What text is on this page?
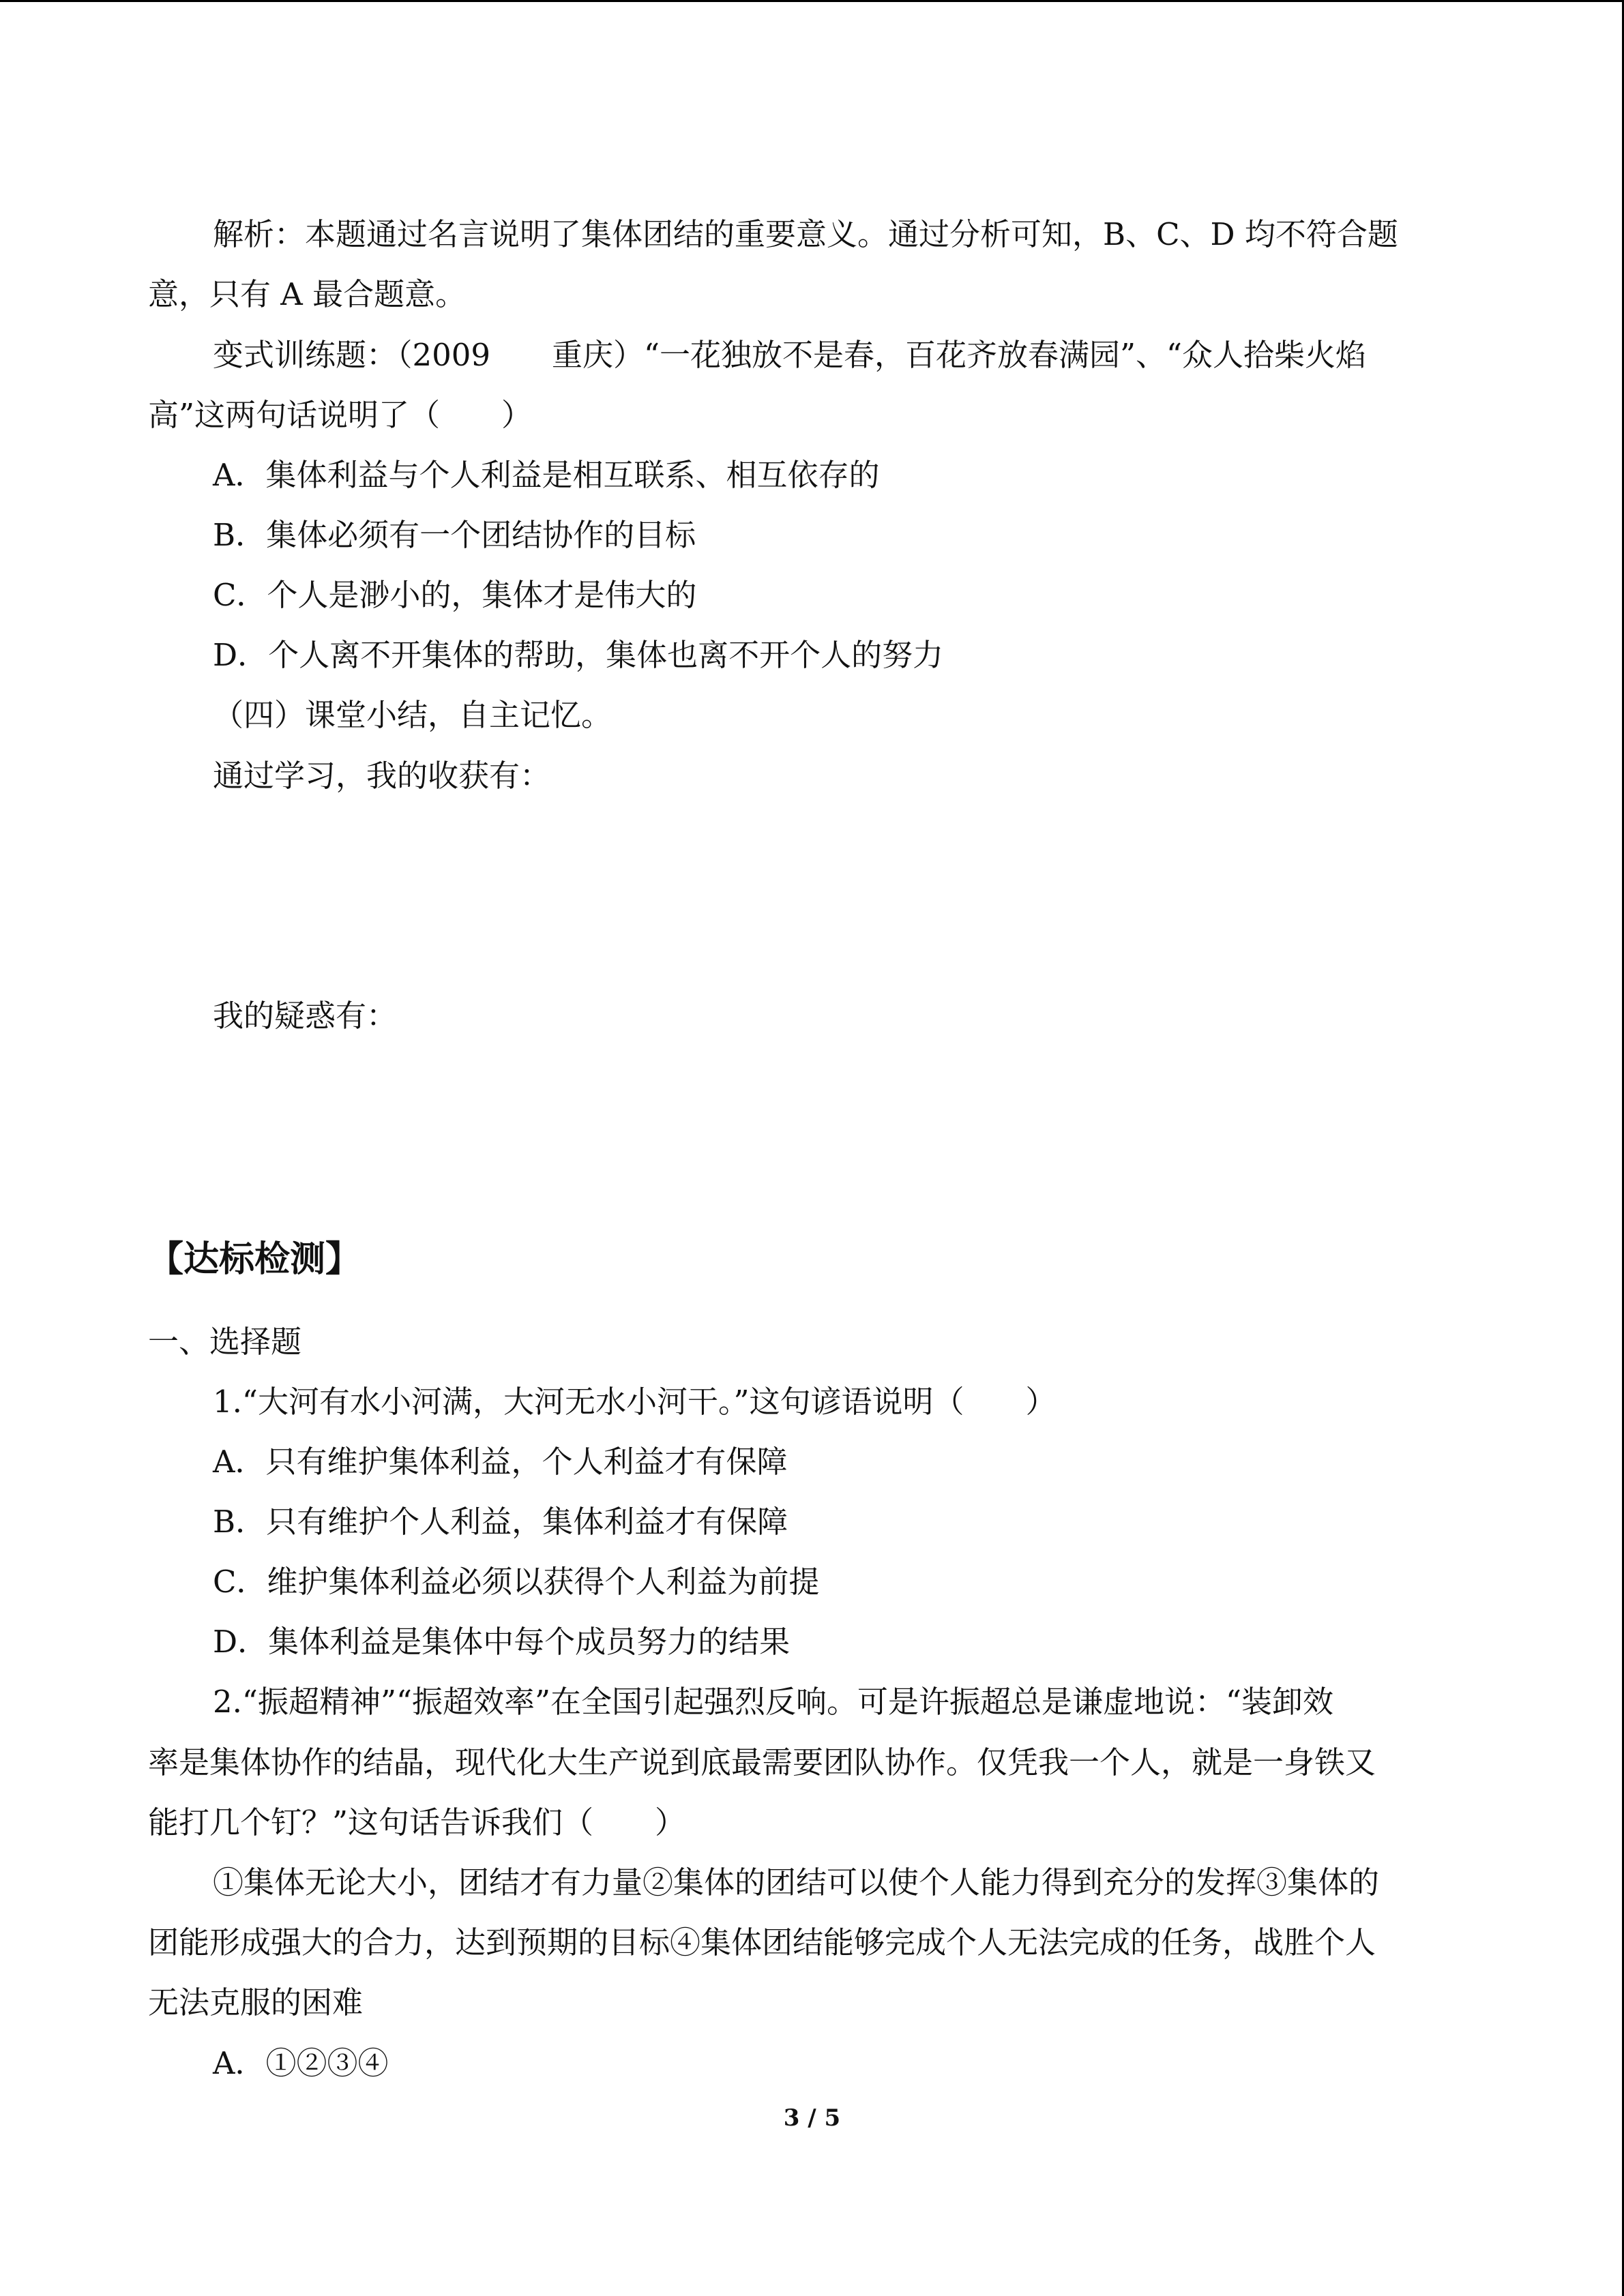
解析：本题通过名言说明了集体团结的重要意义。通过分析可知，B、C、D 均不符合题
意，只有 A 最合题意。
变式训练题：（2009　　重庆）“一花独放不是春，百花齐放春满园”、“众人拾柴火焰
高”这两句话说明了（　　）
A．集体利益与个人利益是相互联系、相互依存的
B．集体必须有一个团结协作的目标
C．个人是渺小的，集体才是伟大的
D．个人离不开集体的帮助，集体也离不开个人的努力
（四）课堂小结，自主记忆。
通过学习，我的收获有：
我的疑惑有：
【达标检测】
一、选择题
1.“大河有水小河满，大河无水小河干。”这句谚语说明（　　）
A．只有维护集体利益，个人利益才有保障
B．只有维护个人利益，集体利益才有保障
C．维护集体利益必须以获得个人利益为前提
D．集体利益是集体中每个成员努力的结果
2.“振超精神”“振超效率”在全国引起强烈反响。可是许振超总是谦虚地说：“装卸效
率是集体协作的结晶，现代化大生产说到底最需要团队协作。仅凭我一个人，就是一身铁又
能打几个钉？”这句话告诉我们（　　）
①集体无论大小，团结才有力量②集体的团结可以使个人能力得到充分的发挥③集体的
团能形成强大的合力，达到预期的目标④集体团结能够完成个人无法完成的任务，战胜个人
无法克服的困难
A．①②③④
3 / 5
